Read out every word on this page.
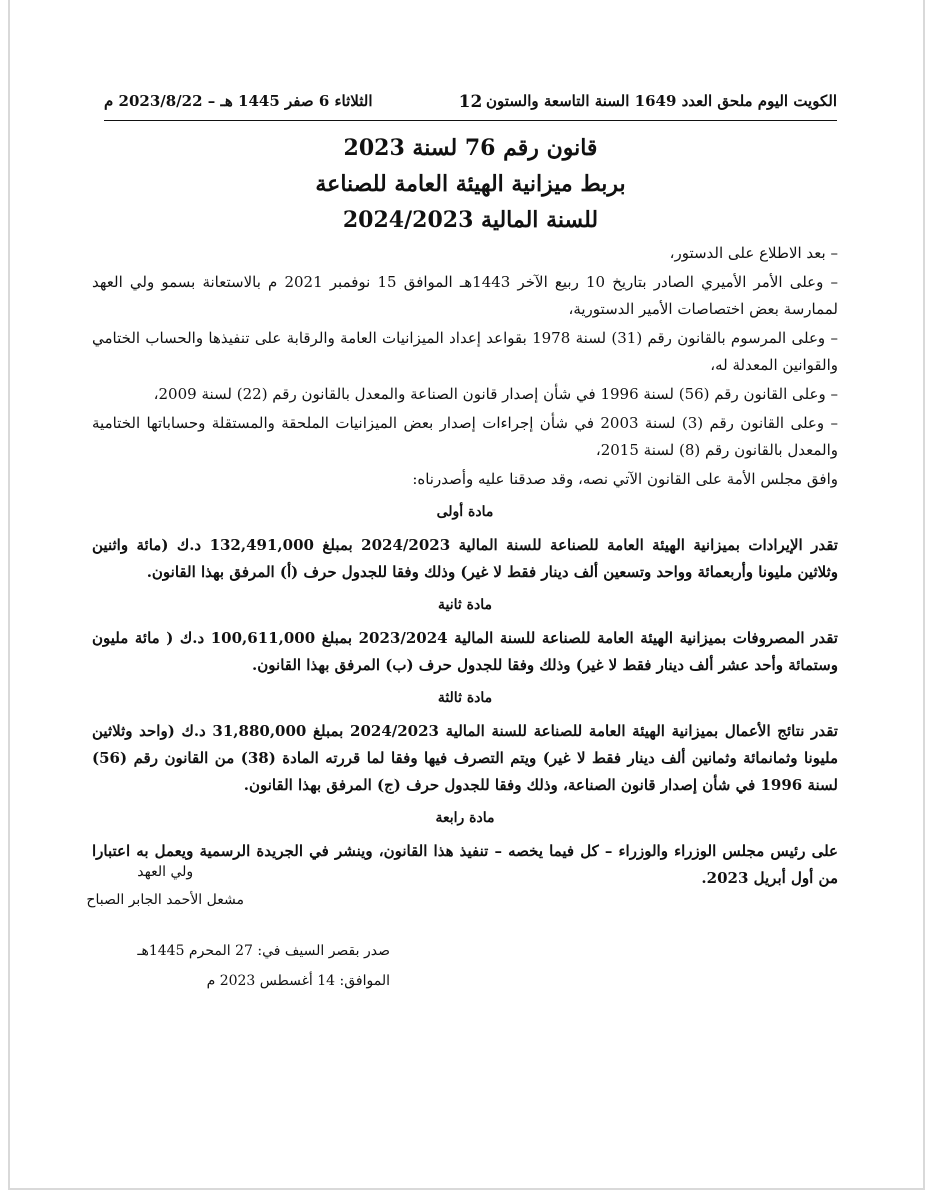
الكويت اليوم ملحق العدد 1649 السنة التاسعة والستون
12
الثلاثاء 6 صفر 1445 هـ – 2023/8/22 م
قانون رقم 76 لسنة 2023
بربط ميزانية الهيئة العامة للصناعة
للسنة المالية 2024/2023

– بعد الاطلاع على الدستور،

– وعلى الأمر الأميري الصادر بتاريخ 10 ربيع الآخر 1443هـ الموافق 15 نوفمبر 2021 م بالاستعانة بسمو ولي العهد لممارسة بعض اختصاصات الأمير الدستورية،

– وعلى المرسوم بالقانون رقم (31) لسنة 1978 بقواعد إعداد الميزانيات العامة والرقابة على تنفيذها والحساب الختامي والقوانين المعدلة له،

– وعلى القانون رقم (56) لسنة 1996 في شأن إصدار قانون الصناعة والمعدل بالقانون رقم (22) لسنة 2009،

– وعلى القانون رقم (3) لسنة 2003 في شأن إجراءات إصدار بعض الميزانيات الملحقة والمستقلة وحساباتها الختامية والمعدل بالقانون رقم (8) لسنة 2015،

وافق مجلس الأمة على القانون الآتي نصه، وقد صدقنا عليه وأصدرناه:

مادة أولى

تقدر الإيرادات بميزانية الهيئة العامة للصناعة للسنة المالية 2024/2023 بمبلغ 132,491,000 د.ك (مائة واثنين وثلاثين مليونا وأربعمائة وواحد وتسعين ألف دينار فقط لا غير) وذلك وفقا للجدول حرف (أ) المرفق بهذا القانون.

مادة ثانية

تقدر المصروفات بميزانية الهيئة العامة للصناعة للسنة المالية 2023/2024 بمبلغ 100,611,000 د.ك ( مائة مليون وستمائة وأحد عشر ألف دينار فقط لا غير) وذلك وفقا للجدول حرف (ب) المرفق بهذا القانون.

مادة ثالثة

تقدر نتائج الأعمال بميزانية الهيئة العامة للصناعة للسنة المالية 2024/2023 بمبلغ 31,880,000 د.ك (واحد وثلاثين مليونا وثمانمائة وثمانين ألف دينار فقط لا غير) ويتم التصرف فيها وفقا لما قررته المادة (38) من القانون رقم (56) لسنة 1996 في شأن إصدار قانون الصناعة، وذلك وفقا للجدول حرف (ج) المرفق بهذا القانون.

مادة رابعة

على رئيس مجلس الوزراء والوزراء – كل فيما يخصه – تنفيذ هذا القانون، وينشر في الجريدة الرسمية ويعمل به اعتبارا من أول أبريل 2023.

ولي العهد
مشعل الأحمد الجابر الصباح
صدر بقصر السيف في: 27 المحرم 1445هـ
الموافق: 14 أغسطس 2023 م
